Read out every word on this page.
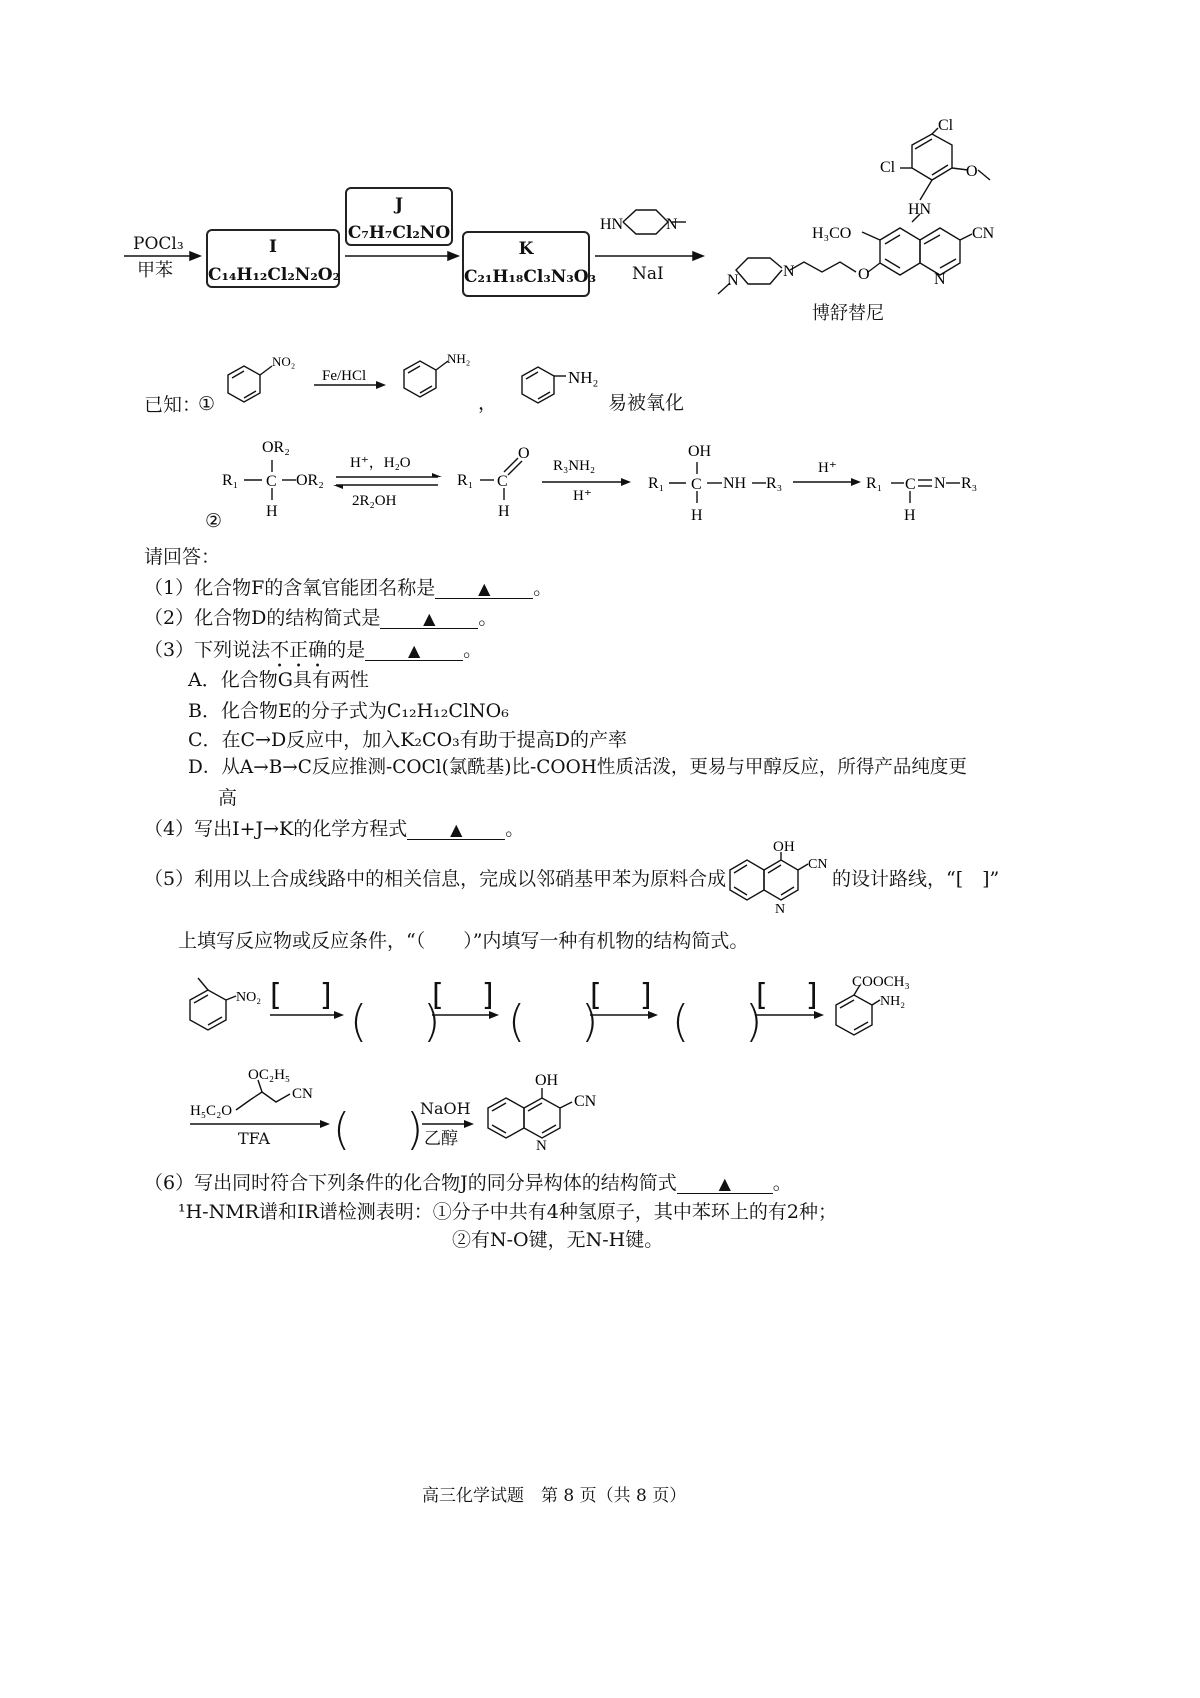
POCl₃
甲苯
I
C₁₄H₁₂Cl₂N₂O₂
J
C₇H₇Cl₂NO
K
C₂₁H₁₈Cl₃N₃O₃
HN	N
NaI
Cl
Cl
HN
H₃CO	CN
N
O
N
N
O
博舒替尼
已知：
①
NO₂
Fe/HCl
NH₂
NH₂
，	易被氧化
②
OR₂
R₁ C OR₂
H
H⁺，H₂O
2R₂OH
R₁ C
O
H
R₃NH₂
H⁺
OH
R₁ C NH R₃
H
H⁺
R₁ C N R₃
H
请回答：
（1）化合物F的含氧官能团名称是	▲ 。
（2）化合物D的结构简式是	▲ 。
（3）下列说法不正确的是	▲ 。
A．化合物G具有两性
B．化合物E的分子式为C₁₂H₁₂ClNO₆
C．在C→D反应中，加入K₂CO₃有助于提高D的产率
D．从A→B→C反应推测-COCl(氯酰基)比-COOH性质活泼，更易与甲醇反应，所得产品纯度更
高
（4）写出I+J→K的化学方程式	▲ 。
（5）利用以上合成线路中的相关信息，完成以邻硝基甲苯为原料合成
OH
CN
N
的设计路线，“[　]”
上填写反应物或反应条件，“（　　）”内填写一种有机物的结构简式。
NO₂
COOCH₃
NH₂
[    ]
(    )
[    ]
(    )
[    ]
(    )
[    ]
OC₂H₅
H₅C₂O
CN
OH
CN
N
TFA (    )
NaOH
乙醇
（6）写出同时符合下列条件的化合物J的同分异构体的结构简式	▲ 。
¹H-NMR谱和IR谱检测表明：①分子中共有4种氢原子，其中苯环上的有2种；
②有N-O键，无N-H键。
高三化学试题　第 8 页（共 8 页）
